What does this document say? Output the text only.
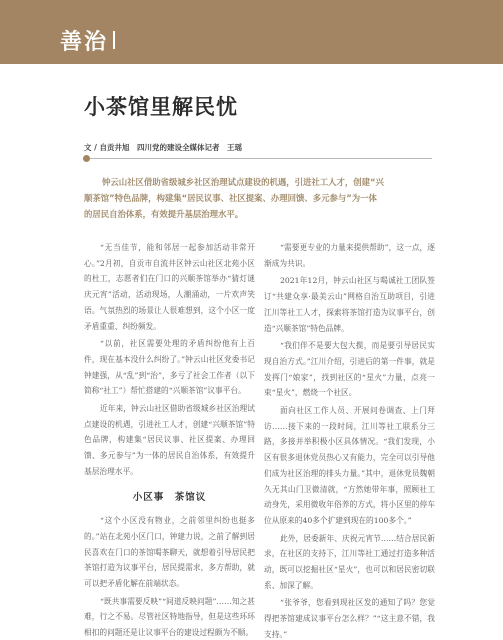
善治
小茶馆里解民忧
文 / 自贡井旭　四川党的建设全媒体记者　王瑶
钟云山社区借助省级城乡社区治理试点建设的机遇，引进社工人才，创建“兴顺茶馆”特色品牌，构建集“居民议事、社区提案、办理回馈、多元参与”为一体的居民自治体系，有效提升基层治理水平。

“无当佳节，能和邻居一起参加活动非常开心。”2月初，自贡市自流井区钟云山社区北苑小区的杜工，志愿者们在门口的兴顺茶馆举办“猜灯谜庆元宵”活动，活动现场，人潮涌动，一片欢声笑语。气氛热烈的场景让人很难想到，这个小区一度矛盾重重、纠纷频发。

“以前，社区需要处理的矛盾纠纷他有上百件，现在基本没什么纠纷了。”钟云山社区党委书记钟建强，从“乱”到“治”，多亏了社会工作者（以下简称“社工”）帮忙搭建的“兴顺茶馆”议事平台。

近年来，钟云山社区借助省级城乡社区治理试点建设的机遇，引进社工人才，创建“兴顺茶馆”特色品牌，构建集“居民议事、社区提案、办理回馈、多元参与”为一体的居民自治体系，有效提升基层治理水平。

小区事　茶馆议

“这个小区没有物业，之前邻里纠纷也挺多的。”站在北苑小区门口，钟建力说，之前了解到居民喜欢在门口的茶馆喝茶聊天，就想着引导居民把茶馆打造为议事平台，居民提需求，多方帮助，就可以把矛盾化解在前端状态。

“既共事需要反映”“间道反映问题”……知之甚难，行之不易。尽管社区特地指导，但是这些环环相扣的问题还是让议事平台的建设过程颇为不顺。

“需要更专业的力量来提供帮助”，这一点，逐渐成为共识。

2021年12月，钟云山社区与喝诚社工团队签订“共建众享·最美云山”网格自治互助项目，引进江川等社工人才，探索将茶馆打造为议事平台，创造“兴顺茶馆”特色品牌。

“我们伴不是要大包大揽，而是要引导居民实现自治方式。”江川介绍，引进后的第一件事，就是发挥门“娘家”，找到社区的“星火”力量，点亮一束“星火”，燃烧一个社区。

面向社区工作人员、开展问卷调查、上门拜访……接下来的一段时间，江川等社工联系分三路，多接并举积极小区具体情况。“我们发现，小区有很多退休党员热心又有能力，完全可以引导他们成为社区治理的排头力量。”其中，退休党员魏朝久无其山门卫微清就，“方然她带年事，照顾社工动身先，采用微收年俗养的方式，将小区里的停车位从原来的40多个扩建到现在的100多个。”

此外，居委新年、庆祝元宵节……结合居民新求，在社区的支持下，江川等社工通过打造多种活动，既可以挖掘社区“星火”，也可以和居民密切联系、加深了解。

“张爷爷，您看到现社区发的通知了吗？您觉得把茶馆建成议事平台怎么样？”“这主意不错，我支持。”
